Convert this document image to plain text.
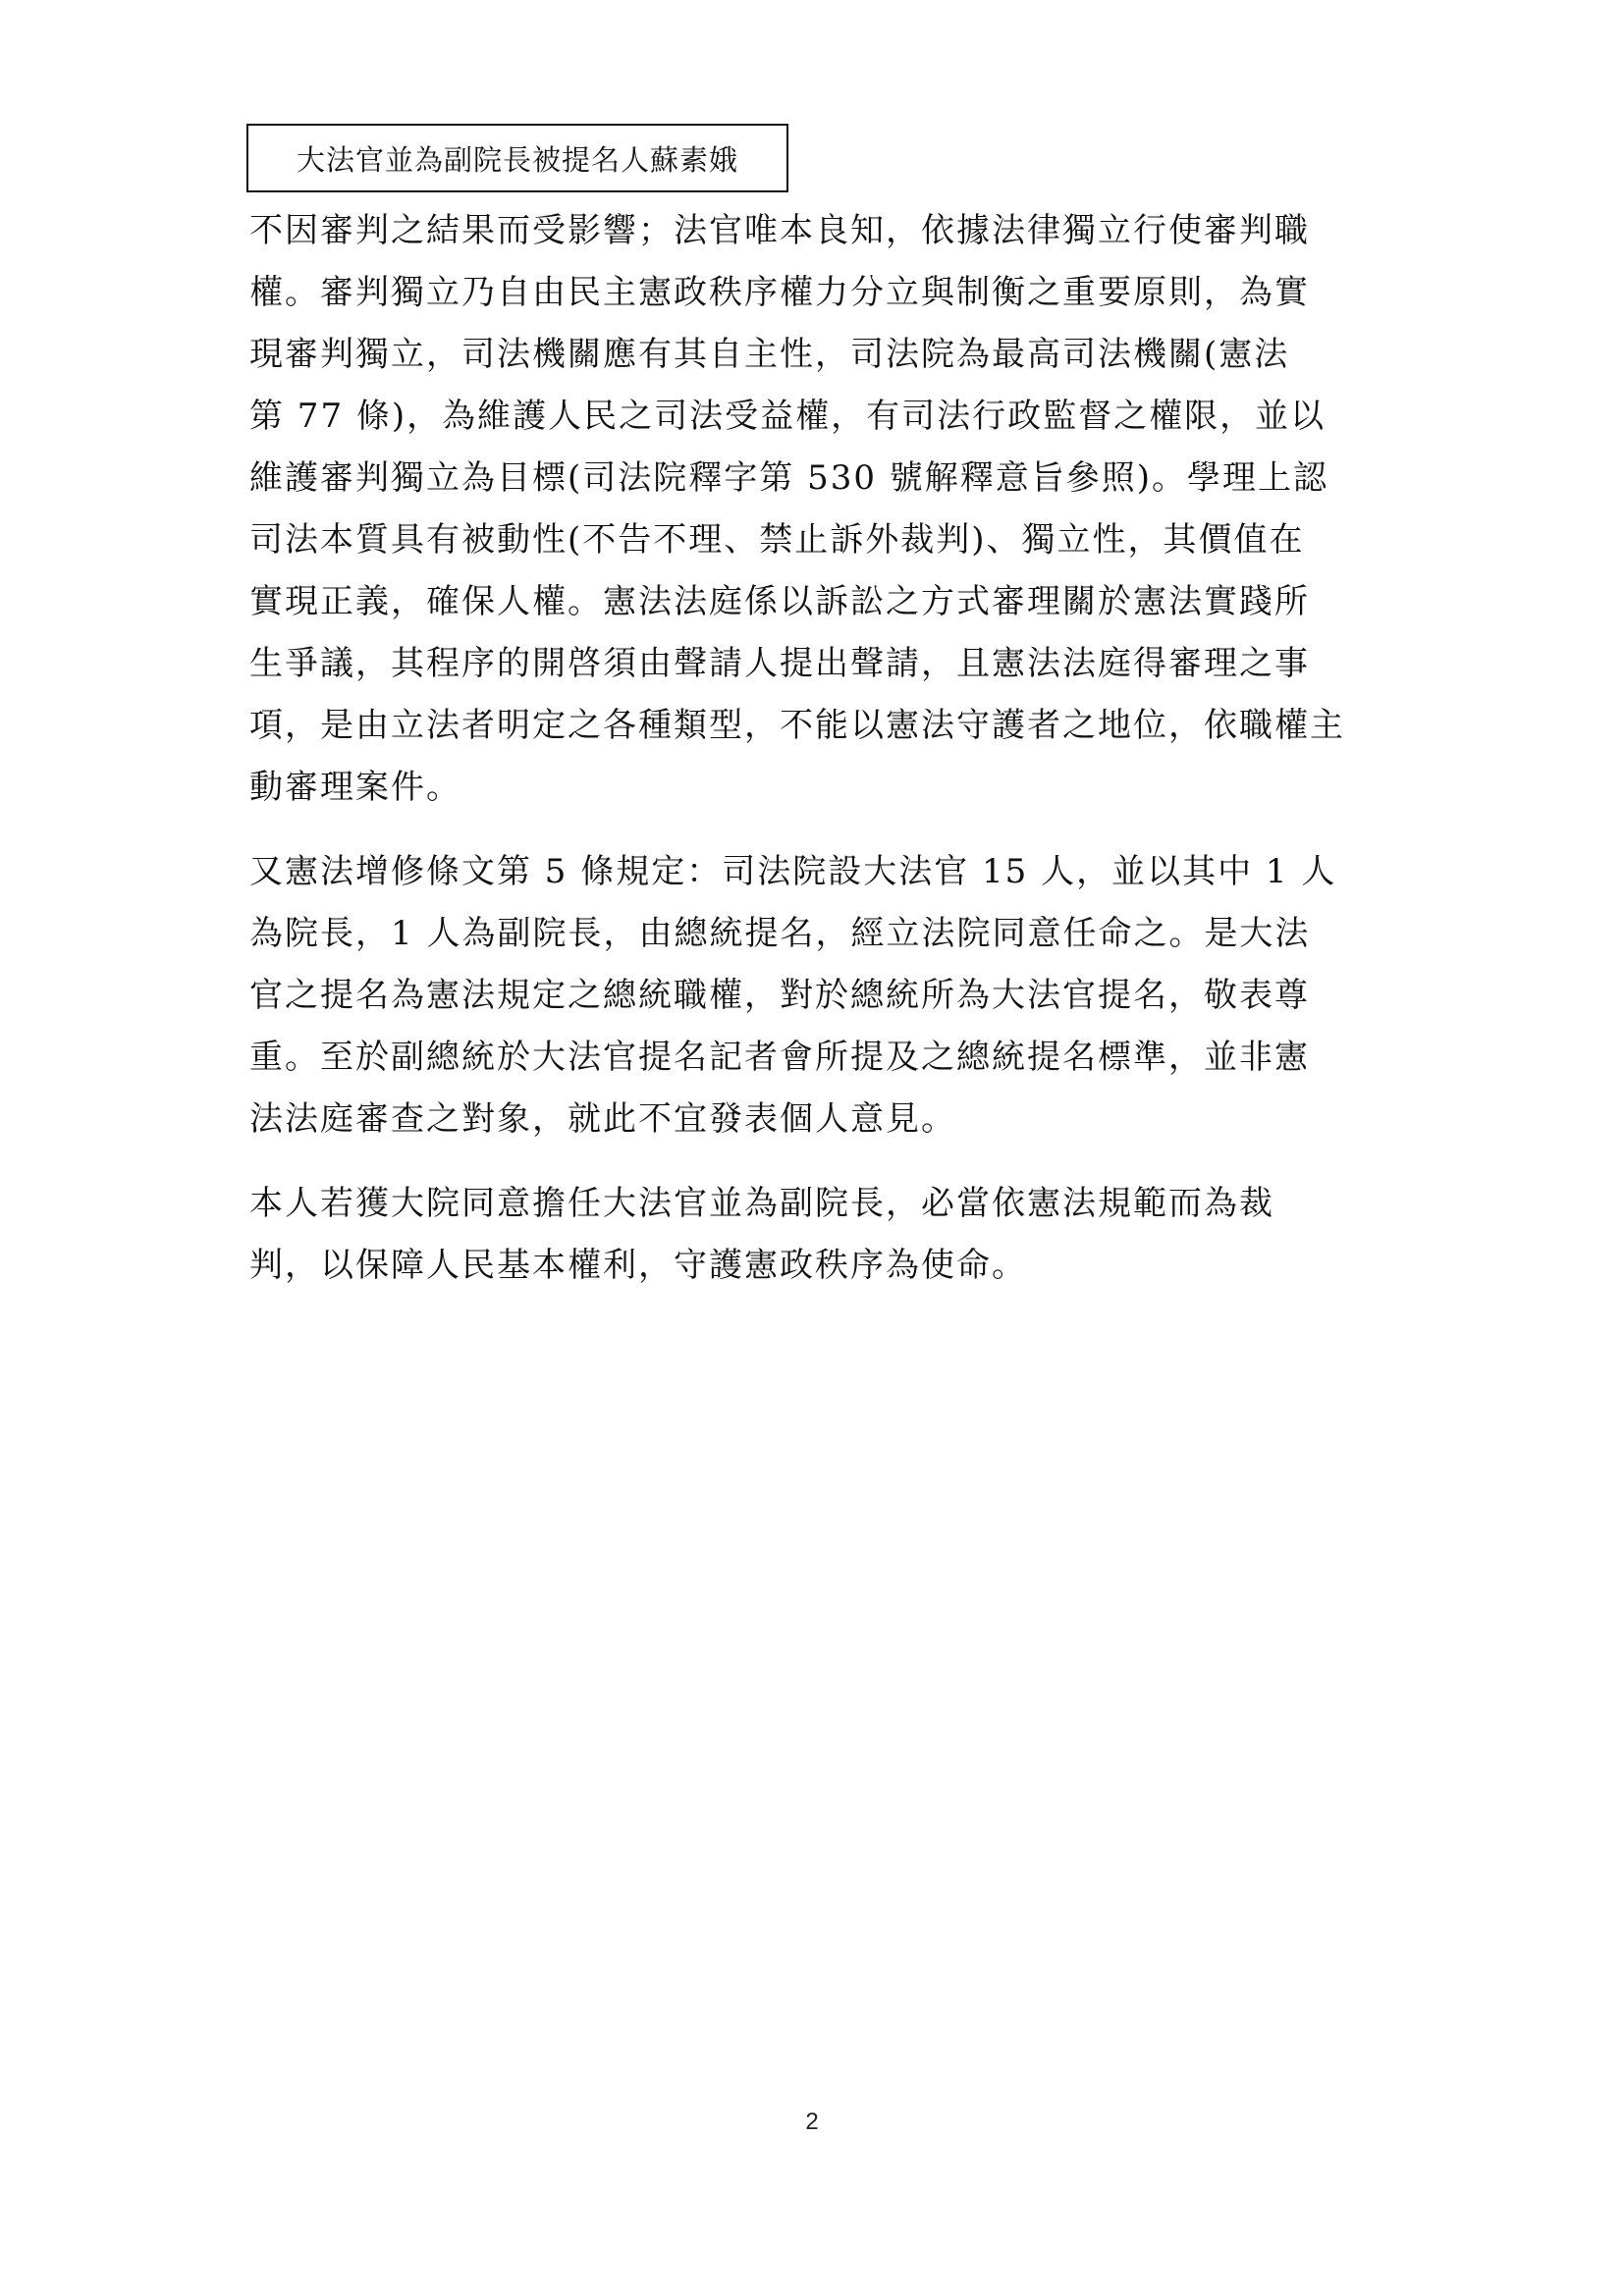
大法官並為副院長被提名人蘇素娥
不因審判之結果而受影響；法官唯本良知，依據法律獨立行使審判職
權。審判獨立乃自由民主憲政秩序權力分立與制衡之重要原則，為實
現審判獨立，司法機關應有其自主性，司法院為最高司法機關(憲法
第 77 條)，為維護人民之司法受益權，有司法行政監督之權限，並以
維護審判獨立為目標(司法院釋字第 530 號解釋意旨參照)。學理上認
司法本質具有被動性(不告不理、禁止訴外裁判)、獨立性，其價值在
實現正義，確保人權。憲法法庭係以訴訟之方式審理關於憲法實踐所
生爭議，其程序的開啓須由聲請人提出聲請，且憲法法庭得審理之事
項，是由立法者明定之各種類型，不能以憲法守護者之地位，依職權主
動審理案件。
又憲法增修條文第 5 條規定：司法院設大法官 15 人，並以其中 1 人
為院長，1 人為副院長，由總統提名，經立法院同意任命之。是大法
官之提名為憲法規定之總統職權，對於總統所為大法官提名，敬表尊
重。至於副總統於大法官提名記者會所提及之總統提名標準，並非憲
法法庭審查之對象，就此不宜發表個人意見。
本人若獲大院同意擔任大法官並為副院長，必當依憲法規範而為裁
判，以保障人民基本權利，守護憲政秩序為使命。
2
